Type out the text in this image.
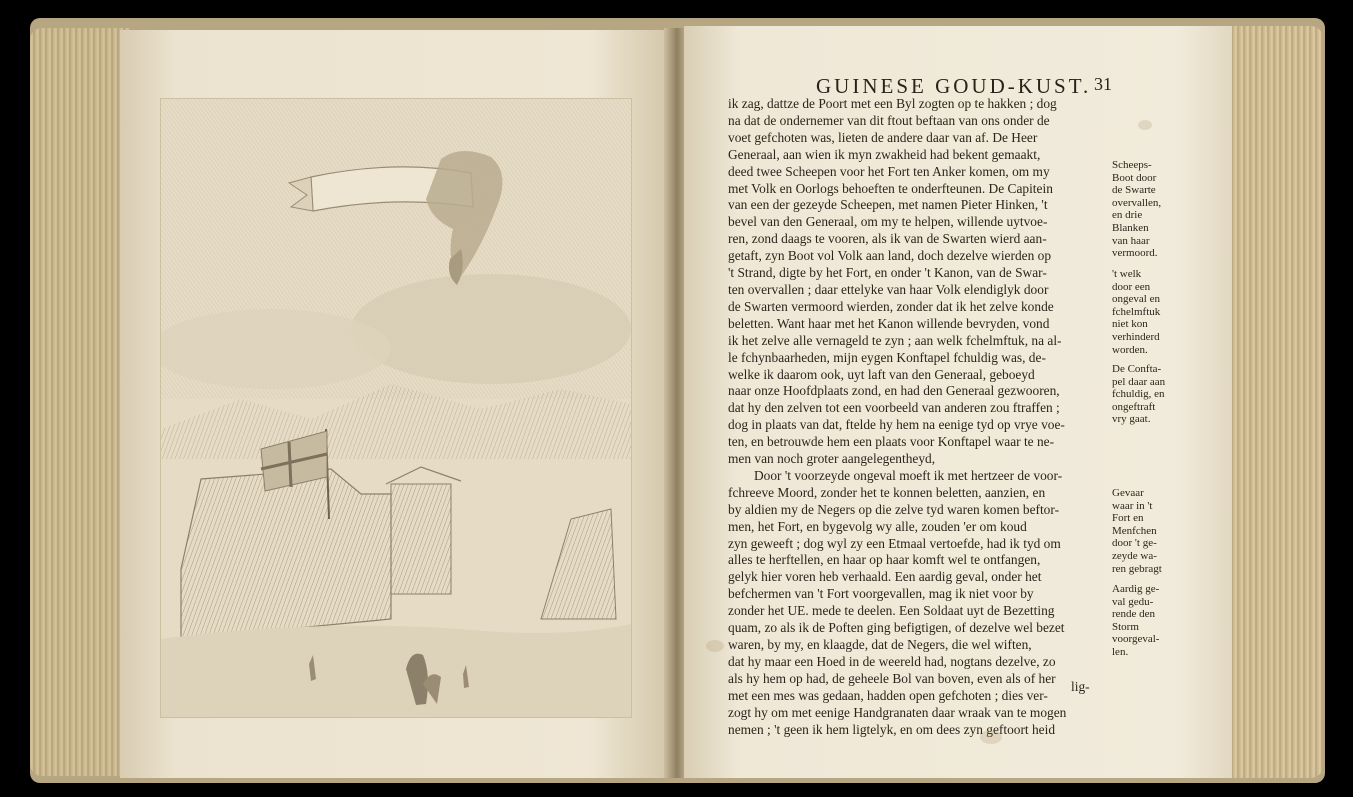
GUINESE GOUD-KUST. 31
ik zag, dattze de Poort met een Byl zogten op te hakken ; dog
na dat de ondernemer van dit ftout beftaan van ons onder de
voet gefchoten was, lieten de andere daar van af. De Heer
Generaal, aan wien ik myn zwakheid had bekent gemaakt,
deed twee Scheepen voor het Fort ten Anker komen, om my
met Volk en Oorlogs behoeften te onderfteunen. De Capitein
van een der gezeyde Scheepen, met namen Pieter Hinken, 't
bevel van den Generaal, om my te helpen, willende uytvoe-
ren, zond daags te vooren, als ik van de Swarten wierd aan-
getaft, zyn Boot vol Volk aan land, doch dezelve wierden op
't Strand, digte by het Fort, en onder 't Kanon, van de Swar-
ten overvallen ; daar ettelyke van haar Volk elendiglyk door
de Swarten vermoord wierden, zonder dat ik het zelve konde
beletten. Want haar met het Kanon willende bevryden, vond
ik het zelve alle vernageld te zyn ; aan welk fchelmftuk, na al-
le fchynbaarheden, mijn eygen Konftapel fchuldig was, de-
welke ik daarom ook, uyt laft van den Generaal, geboeyd
naar onze Hoofdplaats zond, en had den Generaal gezwooren,
dat hy den zelven tot een voorbeeld van anderen zou ftraffen ;
dog in plaats van dat, ftelde hy hem na eenige tyd op vrye voe-
ten, en betrouwde hem een plaats voor Konftapel waar te ne-
men van noch groter aangelegentheyd,
Door 't voorzeyde ongeval moeft ik met hertzeer de voor-
fchreeve Moord, zonder het te konnen beletten, aanzien, en
by aldien my de Negers op die zelve tyd waren komen beftor-
men, het Fort, en bygevolg wy alle, zouden 'er om koud
zyn geweeft ; dog wyl zy een Etmaal vertoefde, had ik tyd om
alles te herftellen, en haar op haar komft wel te ontfangen,
gelyk hier voren heb verhaald. Een aardig geval, onder het
befchermen van 't Fort voorgevallen, mag ik niet voor by
zonder het UE. mede te deelen. Een Soldaat uyt de Bezetting
quam, zo als ik de Poften ging befigtigen, of dezelve wel bezet
waren, by my, en klaagde, dat de Negers, die wel wiften,
dat hy maar een Hoed in de weereld had, nogtans dezelve, zo
als hy hem op had, de geheele Bol van boven, even als of her
met een mes was gedaan, hadden open gefchoten ; dies ver-
zogt hy om met eenige Handgranaten daar wraak van te mogen
nemen ; 't geen ik hem ligtelyk, en om dees zyn geftoort heid
lig-
Scheeps-
Boot door
de Swarte
overvallen,
en drie
Blanken
van haar
vermoord.
't welk
door een
ongeval en
fchelmftuk
niet kon
verhinderd
worden.
De Confta-
pel daar aan
fchuldig, en
ongeftraft
vry gaat.
Gevaar
waar in 't
Fort en
Menfchen
door 't ge-
zeyde wa-
ren gebragt
Aardig ge-
val gedu-
rende den
Storm
voorgeval-
len.
